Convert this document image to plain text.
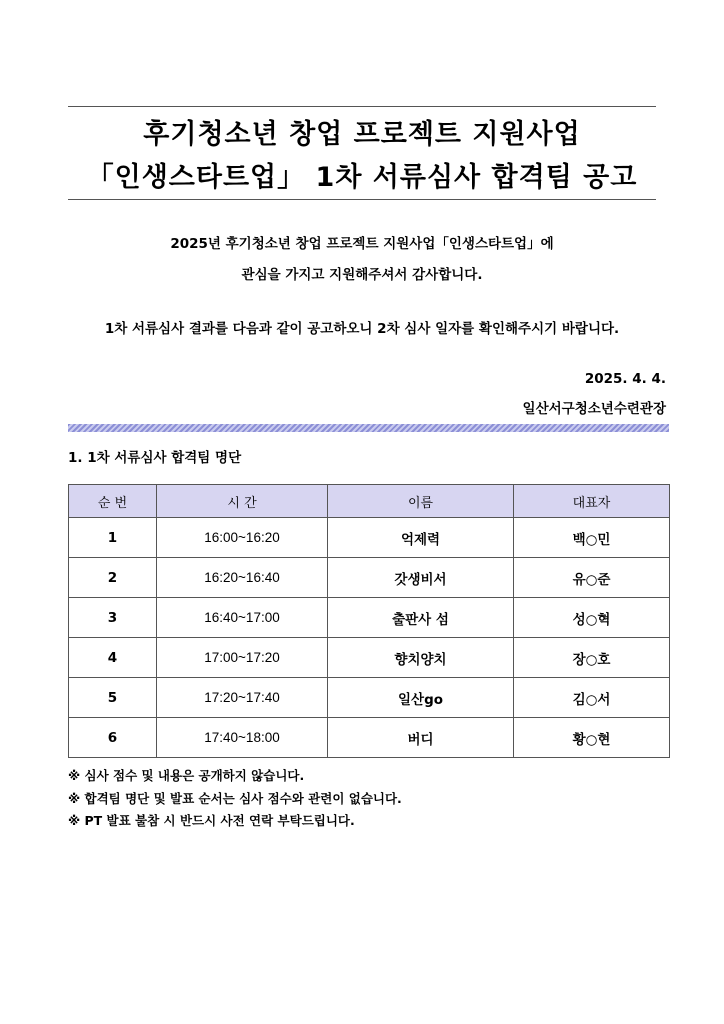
후기청소년 창업 프로젝트 지원사업
「인생스타트업」 1차 서류심사 합격팀 공고
2025년 후기청소년 창업 프로젝트 지원사업「인생스타트업」에
관심을 가지고 지원해주셔서 감사합니다.
1차 서류심사 결과를 다음과 같이 공고하오니 2차 심사 일자를 확인해주시기 바랍니다.
2025. 4. 4.
일산서구청소년수련관장
1. 1차 서류심사 합격팀 명단
순 번	시 간	이름	대표자
1	16:00~16:20	억제력	백○민
2	16:20~16:40	갓생비서	유○준
3	16:40~17:00	출판사 섬	성○혁
4	17:00~17:20	향치양치	장○호
5	17:20~17:40	일산go	김○서
6	17:40~18:00	버디	황○현
※ 심사 점수 및 내용은 공개하지 않습니다.
※ 합격팀 명단 및 발표 순서는 심사 점수와 관련이 없습니다.
※ PT 발표 불참 시 반드시 사전 연락 부탁드립니다.
